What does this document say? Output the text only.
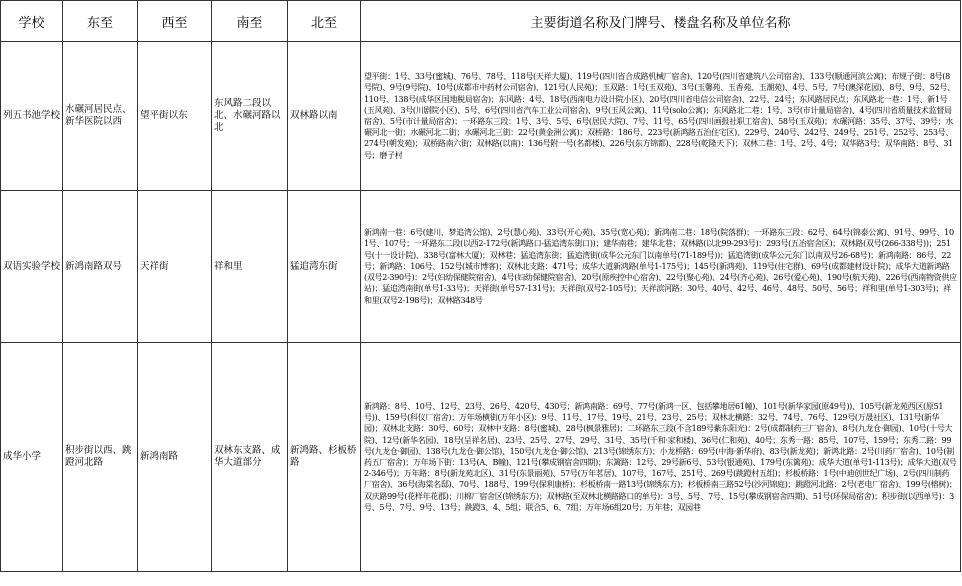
学校	东至	西至	南至	北至	主要街道名称及门牌号、楼盘名称及单位名称
列五书池学校	水碾河居民点、新华医院以西	望平街以东	东风路二段以北、水碾河路以北	双林路以南	望平街：1号、33号(蜜城)、76号、78号、118号(天祥大厦)、119号(四川省合成路机械厂宿舍)、120号(四川省建筑八公司宿舍)、133号(顺通河滨公寓)；布规子街：8号(8号院)、9号(9号院)、10号(成都市中药材公司宿舍)、121号(人民苑)；玉双路：1号(玉双苑)、3号(玉馨苑、玉香苑、玉潮苑)、4号、5号、7号(澳深花园)、8号、9号、52号、110号、138号(成华区国地税局宿舍)；东风路：4号、18号(西南电力设计院小区)、20号(四川省电信公司宿舍)、22号、24号；东风路居民点；东风路北一巷：1号、新1号(玉风苑)、3号(川剧院小区)、5号、6号(四川省汽车工业公司宿舍)、9号(玉风公寓)、11号(solo公寓)；东风路北二巷：1号、3号(市计量局宿舍)、4号(四川省质量技术监督局宿舍)、5号(市计量局宿舍)；一环路东三段：1号、3号、5号、6号(居民大院)、7号、11号、65号(四川画报社职工宿舍)、58号(玉双苑)；水碾河路：35号、37号、39号；水碾河北一街；水碾河北二街；水碾河北三街：22号(黄金洲公寓)；双桥路：186号、223号(新鸿路五治住宅区)、229号、240号、242号、249号、251号、252号、253号、274号(朝发苑)；双桥路南六街；双林路(以南)：136号附一号(名都楼)、226号(东方锦都)、228号(乾隆天下)；双林二巷：1号、2号、4号；双华路3号；双华南路：8号、31号；磨子村
双语实验学校	新鸿南路双号	天祥街	祥和里	猛追湾东街	新鸿南一巷：6号(建川、梦追湾公馆)、2号(慧心苑)、33号(开心苑)、35号(宽心苑)；新鸿南二巷：18号(院落群)；一环路东三段：62号、64号(锦泰公寓)、91号、99号、101号、107号；一环路东二段(以西2-172号(新鸿路口-猛追湾东街口))；建华南巷；建华北巷；双林路(以北99-293号)：293号(五冶宿舍区)；双林路(双号(266-338号))；251号(十一设计院)、338号(富林大厦)；双林巷；猛追湾东街；猛追湾街(成华公元东门以南单号(71-189号))；猛追湾街(成华公元东门以南双号26-68号)；新鸿南路：86号、22号；新鸿路：106号、152号(城市博客)；双林北支路：471号；成华大道新鸿路(单号1-175号)；145号(新鸿苑)、119号(住宅群)、69号(成都建材设计院)；成华大道新鸿路(双号2-390号)：2号(妇幼保健院宿舍)、4号(妇幼保健院宿舍)、20号(原疾控中心宿舍)、22号(聚心苑)、24号(齐心苑)、26号(爱心苑)、190号(航天苑)、226号(西南物资供应站)；猛追湾南街(单号1-33号)；天祥街(单号57-131号)；天祥街(双号2-105号)；天祥滨河路：30号、40号、42号、46号、48号、50号、56号；祥和里(单号1-303号)；祥和里(双号2-198号)；双林路348号
成华小学	积步街以西、跳蹬河北路	新鸿南路	双林东支路、成华大道部分	新鸿路、杉板桥路	新鸿路：8号、10号、12号、23号、26号、420号、430号；新鸿南路：69号、77号(新鸿一区、包括攀地居61幢)、101号(新华家园(原49号))、105号(新龙苑西区(原51号))、159号(科仪厂宿舍)；万年场横街(万年小区)：9号、11号、17号、19号、21号、23号、25号；双林北横路：32号、74号、76号、129号(万晟社区)、131号(新华园)；双林北支路：30号、60号；双林中支路：8号(蜜城)、28号(枫景雅居)；二环路东三段(不含189号紫东阳光)：2号(成都制药三厂宿舍)、8号(九龙仓·御园)、10号(十号大院)、12号(新华名园)、18号(呈祥名居)、23号、25号、27号、29号、31号、35号(千和·家和楼)、36号(仁和苑)、40号；东秀一路：85号、107号、159号；东秀二路：99号(九龙仓·御园)、138号(九龙仓·御公馆)、150号(九龙仓·御公馆)、213号(锦绣东方)；小龙桥路：69号(中海·新华府)、83号(新龙苑)；新鸿北路：2号(川药厂宿舍)、10号(制药五厂宿舍)；万年场下街：13号(A、B幢)、121号(攀成钢宿舍四期)；东篱路：12号、29号新6号、53号(银通苑)、179号(东篱苑)；成华大道(单号1-113号)；成华大道(双号2-346号)；万年路：8号(新龙苑北区)、31号(东景丽苑)、57号(万年茗居)、107号、167号、251号、269号(跳蹬村五组)；杉板桥路：1号(中迪创世纪广场)、2号(四川制药厂宿舍)、36号(海棠名邸)、70号、188号、199号(保利康桥)；杉板桥南一路13号(锦绣东方)；杉板桥南三路52号(沙河锦庭)；跳蹬河北路：2号(老电厂宿舍)、199号(榕树)；双庆路99号(花样年花郡)；川棉厂宿舍区(锦绣东方)；双林路(至双林北横路路口的单号)：3号、5号、7号、15号(攀成钢宿舍四期)、51号(环保局宿舍)；积步街(以西单号)：3号、5号、7号、9号、13号；跳蹬3、4、5组；联合5、6、7组；万年场6组20号；万年巷；双园巷
